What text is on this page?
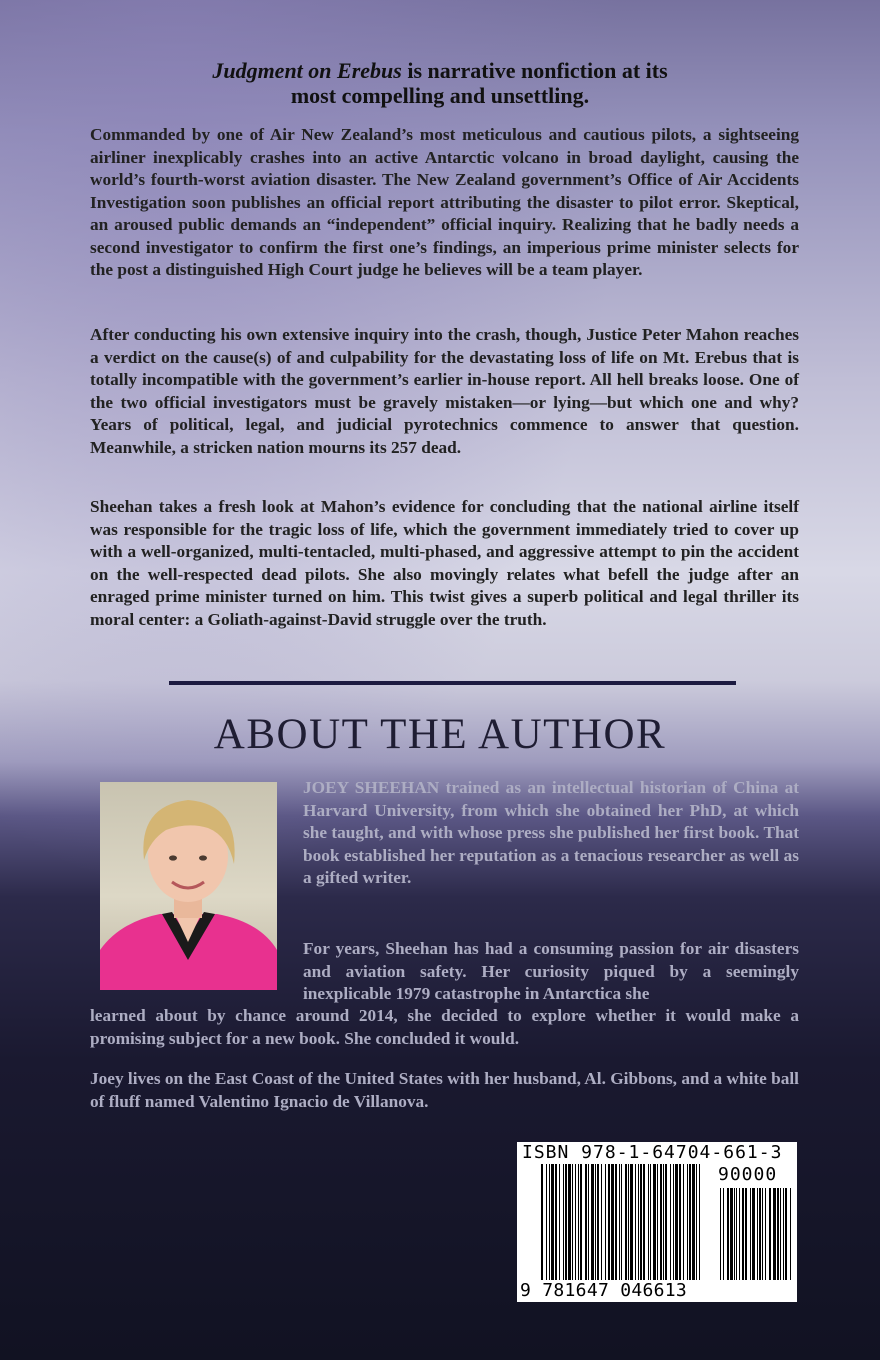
Judgment on Erebus is narrative nonfiction at its
most compelling and unsettling.

Commanded by one of Air New Zealand’s most meticulous and cautious pilots, a sightseeing airliner inexplicably crashes into an active Antarctic volcano in broad daylight, causing the world’s fourth-worst aviation disaster. The New Zealand government’s Office of Air Accidents Investigation soon publishes an official report attributing the disaster to pilot error. Skeptical, an aroused public demands an “independent” official inquiry. Realizing that he badly needs a second investigator to confirm the first one’s findings, an imperious prime minister selects for the post a distinguished High Court judge he believes will be a team player.

After conducting his own extensive inquiry into the crash, though, Justice Peter Mahon reaches a verdict on the cause(s) of and culpability for the devastating loss of life on Mt. Erebus that is totally incompatible with the government’s earlier in-house report. All hell breaks loose. One of the two official investigators must be gravely mistaken—or lying—but which one and why? Years of political, legal, and judicial pyrotechnics commence to answer that question. Meanwhile, a stricken nation mourns its 257 dead.

Sheehan takes a fresh look at Mahon’s evidence for concluding that the national airline itself was responsible for the tragic loss of life, which the government immediately tried to cover up with a well-organized, multi-tentacled, multi-phased, and aggressive attempt to pin the accident on the well-respected dead pilots. She also movingly relates what befell the judge after an enraged prime minister turned on him. This twist gives a superb political and legal thriller its moral center: a Goliath-against-David struggle over the truth.

ABOUT THE AUTHOR

JOEY SHEEHAN trained as an intellectual historian of China at Harvard University, from which she obtained her PhD, at which she taught, and with whose press she published her first book. That book established her reputation as a tenacious researcher as well as a gifted writer.

For years, Sheehan has had a consuming passion for air disasters and aviation safety. Her curiosity piqued by a seemingly inexplicable 1979 catastrophe in Antarctica she

learned about by chance around 2014, she decided to explore whether it would make a promising subject for a new book. She concluded it would.

Joey lives on the East Coast of the United States with her husband, Al. Gibbons, and a white ball of fluff named Valentino Ignacio de Villanova.

ISBN 978-1-64704-661-3
90000
9 781647 046613
